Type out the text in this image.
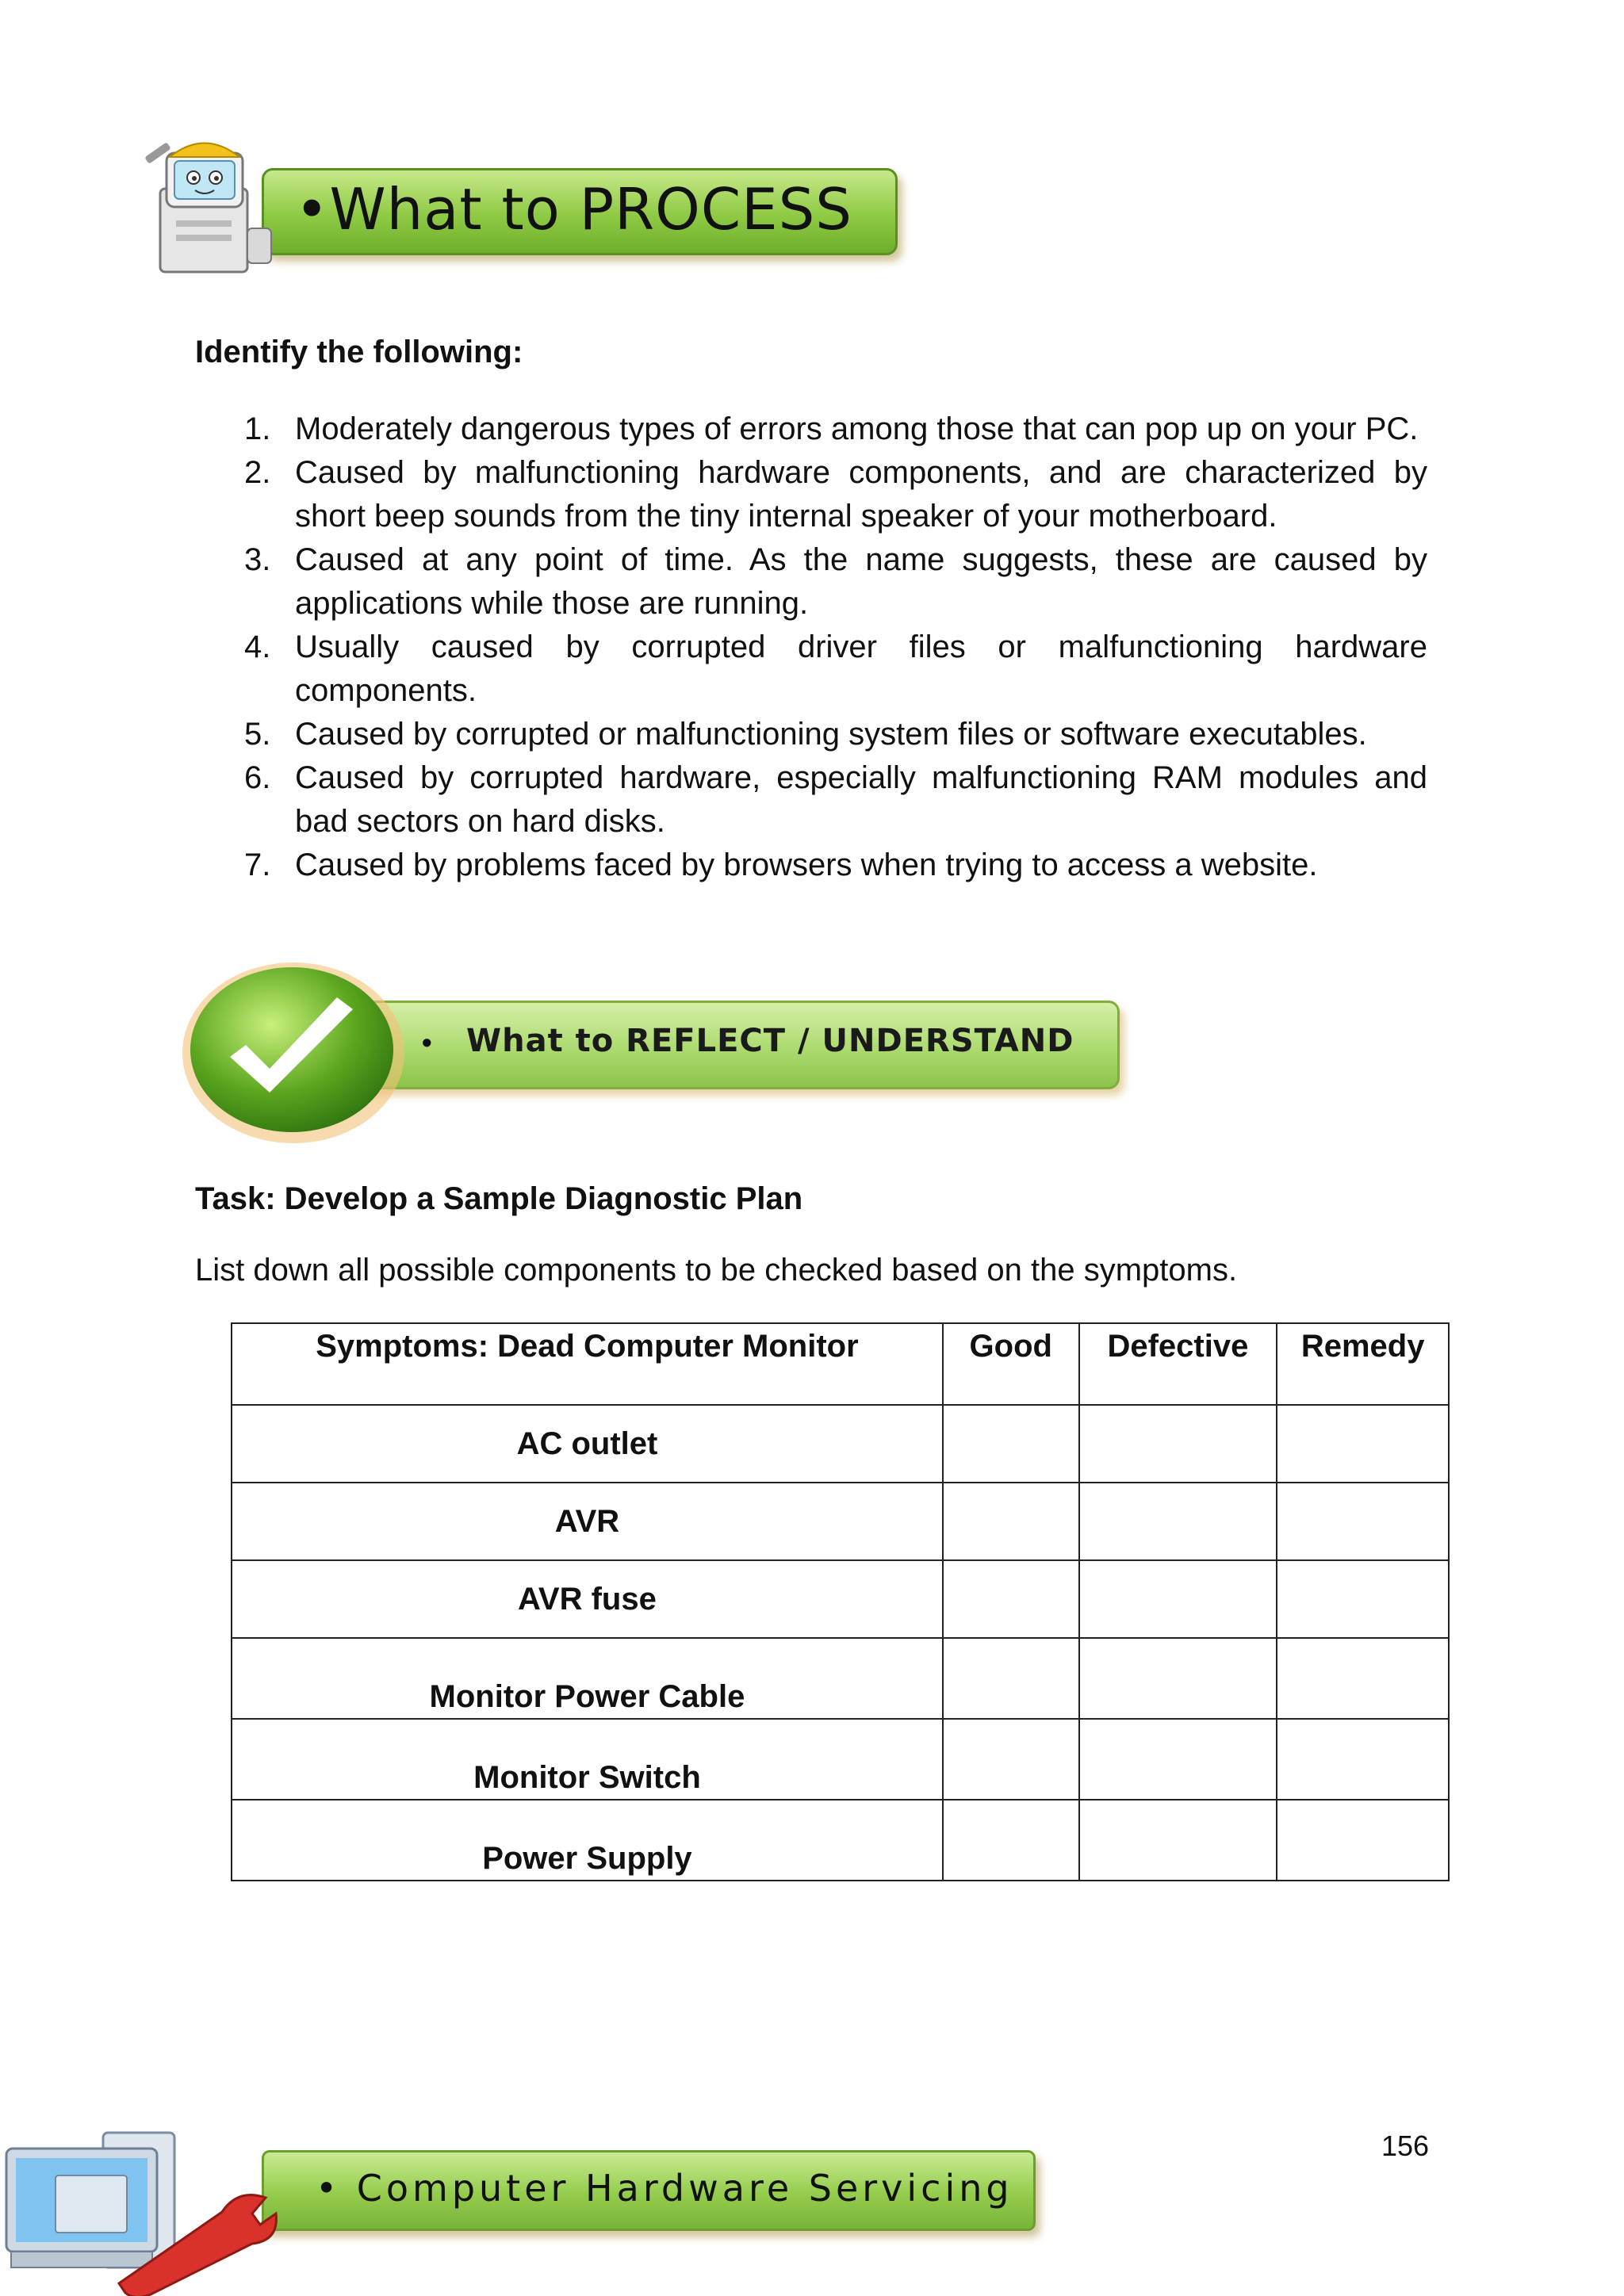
•What to PROCESS
Identify the following:
1. Moderately dangerous types of errors among those that can pop up on your PC.
2. Caused by malfunctioning hardware components, and are characterized by short beep sounds from the tiny internal speaker of your motherboard.
3. Caused at any point of time. As the name suggests, these are caused by applications while those are running.
4. Usually caused by corrupted driver files or malfunctioning hardware components.
5. Caused by corrupted or malfunctioning system files or software executables.
6. Caused by corrupted hardware, especially malfunctioning RAM modules and bad sectors on hard disks.
7. Caused by problems faced by browsers when trying to access a website.
• What to REFLECT / UNDERSTAND
Task: Develop a Sample Diagnostic Plan
List down all possible components to be checked based on the symptoms.
Symptoms: Dead Computer Monitor	Good	Defective	Remedy
AC outlet			
AVR			
AVR fuse			
Monitor Power Cable			
Monitor Switch			
Power Supply			
156
• Computer Hardware Servicing
